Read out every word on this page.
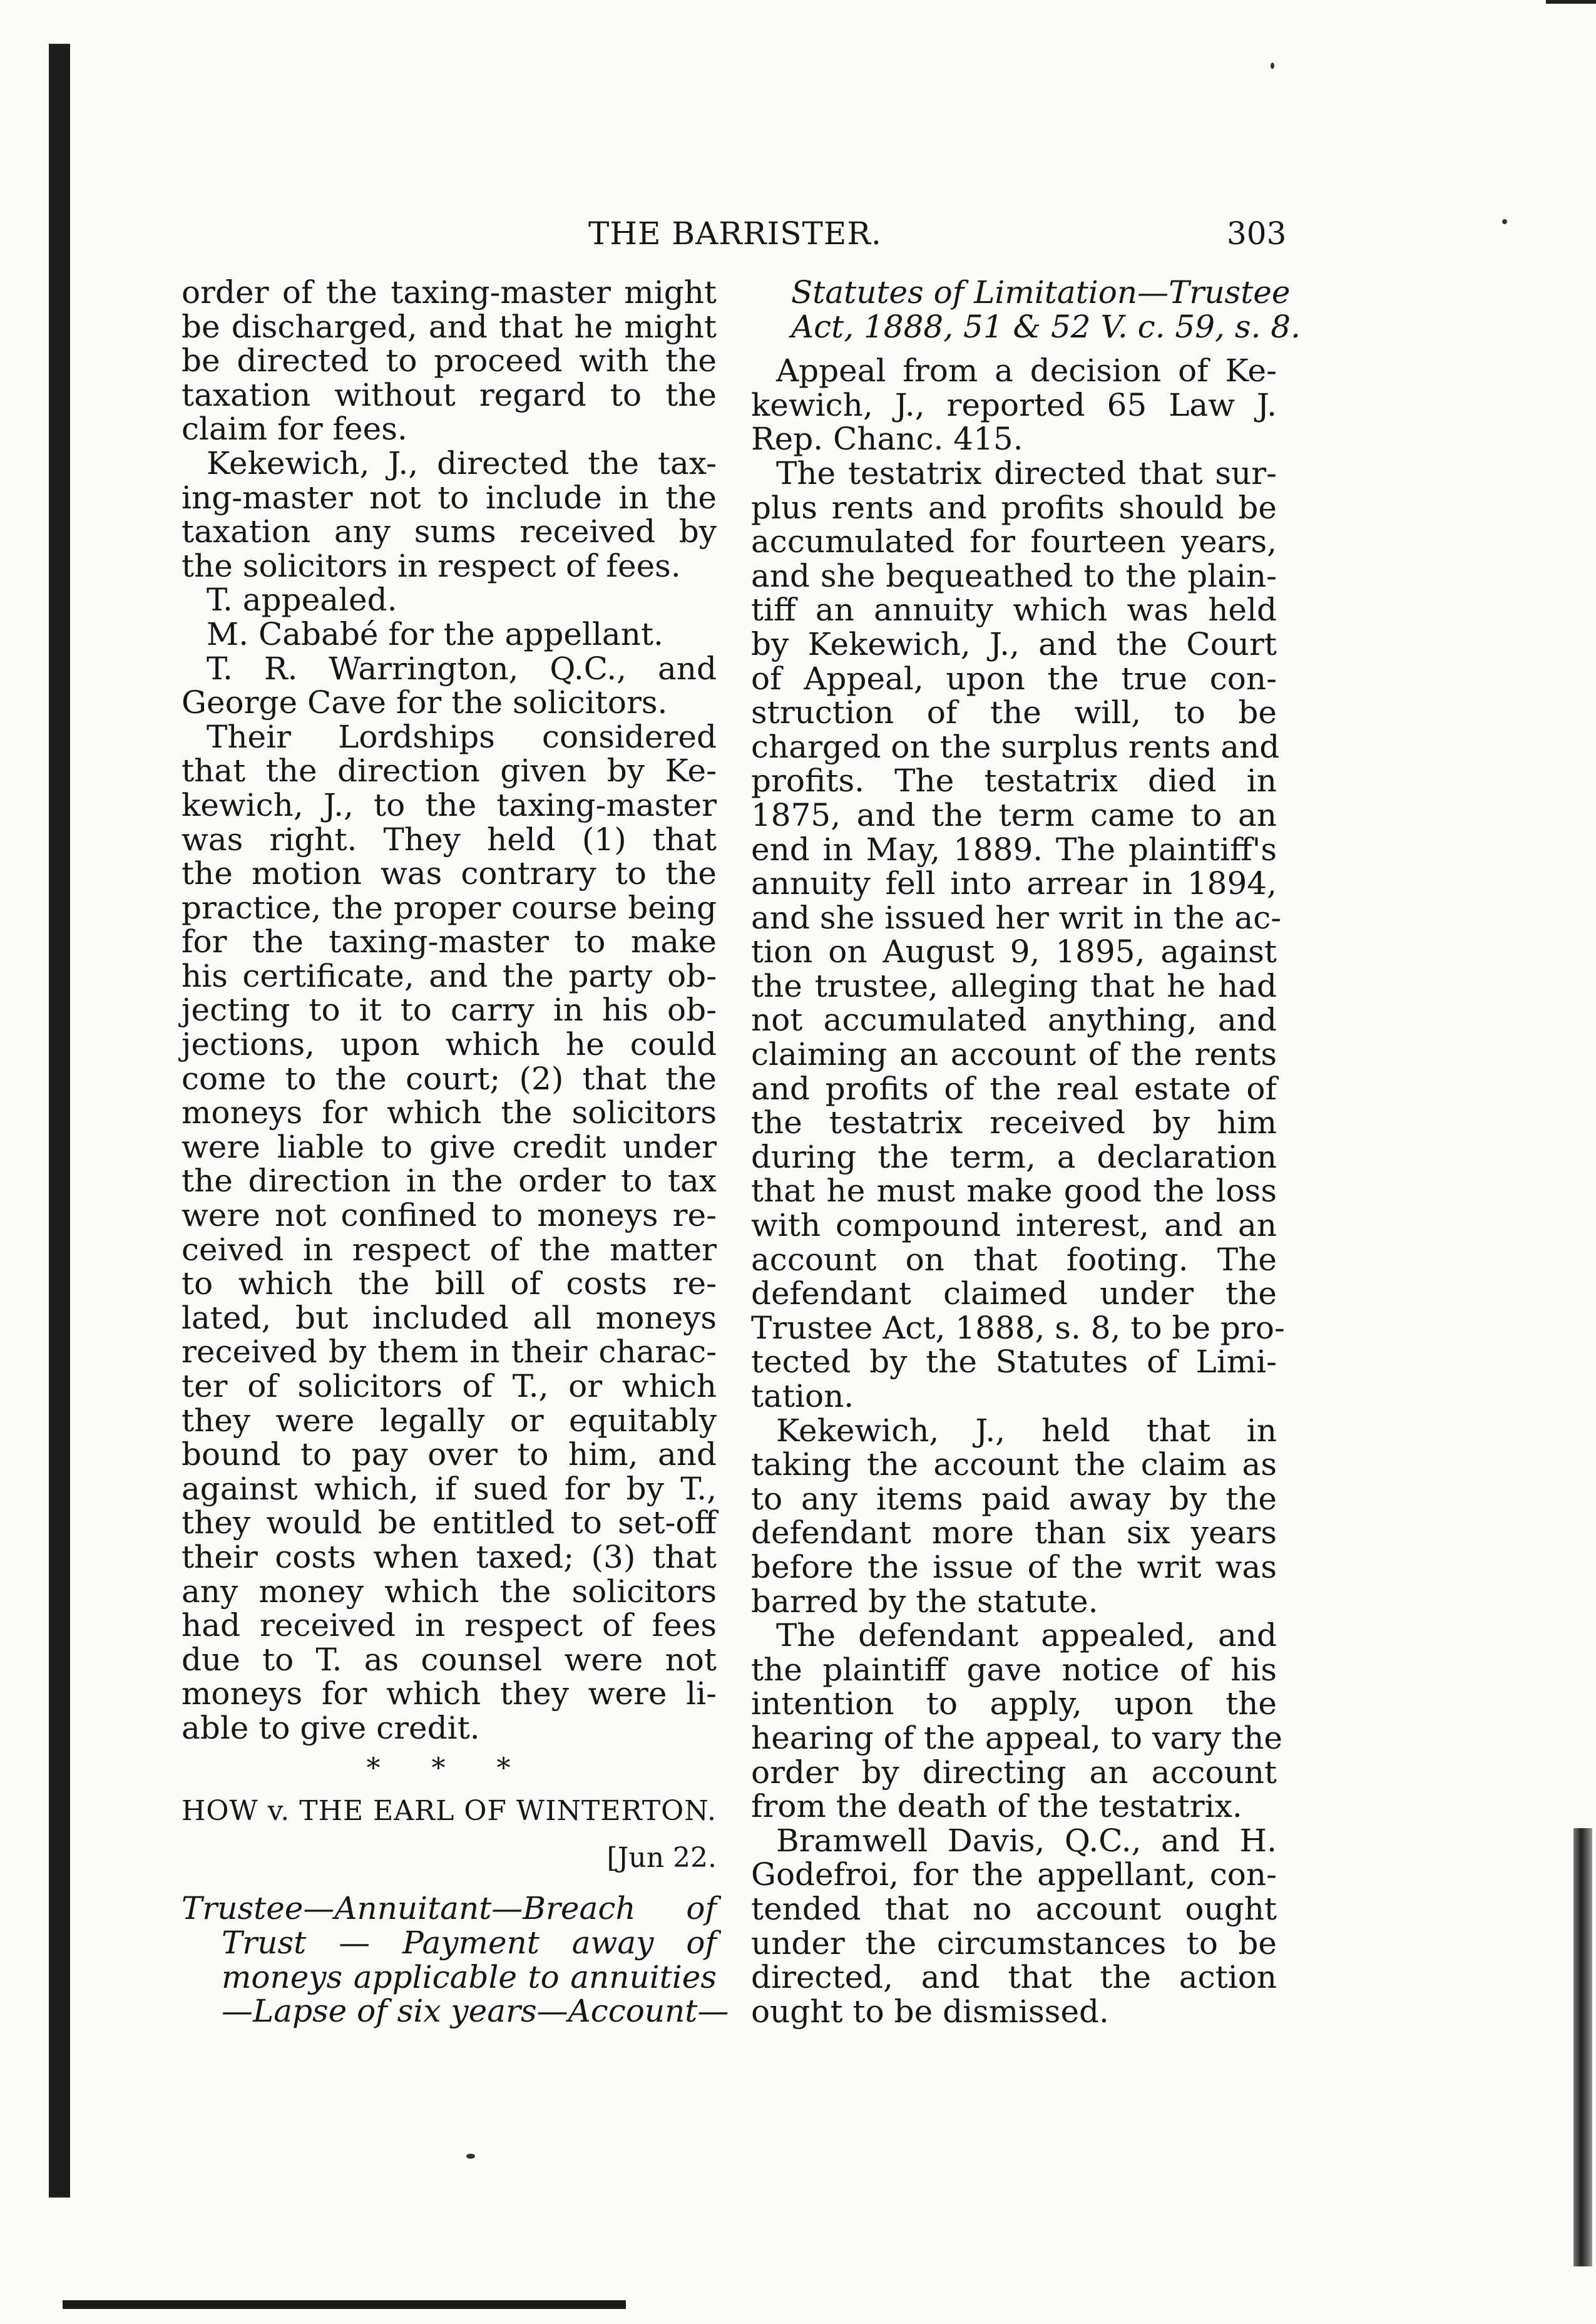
THE BARRISTER.	303
order of the taxing-master might
be discharged, and that he might
be directed to proceed with the
taxation without regard to the
claim for fees.
Kekewich, J., directed the tax-
ing-master not to include in the
taxation any sums received by
the solicitors in respect of fees.
T. appealed.
M. Cababé for the appellant.
T. R. Warrington, Q.C., and
George Cave for the solicitors.
Their Lordships considered
that the direction given by Ke-
kewich, J., to the taxing-master
was right. They held (1) that
the motion was contrary to the
practice, the proper course being
for the taxing-master to make
his certificate, and the party ob-
jecting to it to carry in his ob-
jections, upon which he could
come to the court; (2) that the
moneys for which the solicitors
were liable to give credit under
the direction in the order to tax
were not confined to moneys re-
ceived in respect of the matter
to which the bill of costs re-
lated, but included all moneys
received by them in their charac-
ter of solicitors of T., or which
they were legally or equitably
bound to pay over to him, and
against which, if sued for by T.,
they would be entitled to set-off
their costs when taxed; (3) that
any money which the solicitors
had received in respect of fees
due to T. as counsel were not
moneys for which they were li-
able to give credit.
* * *
HOW v. THE EARL OF WINTERTON.
[Jun 22.
Trustee—Annuitant—Breach of
Trust — Payment away of
moneys applicable to annuities
—Lapse of six years—Account—
Statutes of Limitation—Trustee
Act, 1888, 51 & 52 V. c. 59, s. 8.
Appeal from a decision of Ke-
kewich, J., reported 65 Law J.
Rep. Chanc. 415.
The testatrix directed that sur-
plus rents and profits should be
accumulated for fourteen years,
and she bequeathed to the plain-
tiff an annuity which was held
by Kekewich, J., and the Court
of Appeal, upon the true con-
struction of the will, to be
charged on the surplus rents and
profits. The testatrix died in
1875, and the term came to an
end in May, 1889. The plaintiff's
annuity fell into arrear in 1894,
and she issued her writ in the ac-
tion on August 9, 1895, against
the trustee, alleging that he had
not accumulated anything, and
claiming an account of the rents
and profits of the real estate of
the testatrix received by him
during the term, a declaration
that he must make good the loss
with compound interest, and an
account on that footing. The
defendant claimed under the
Trustee Act, 1888, s. 8, to be pro-
tected by the Statutes of Limi-
tation.
Kekewich, J., held that in
taking the account the claim as
to any items paid away by the
defendant more than six years
before the issue of the writ was
barred by the statute.
The defendant appealed, and
the plaintiff gave notice of his
intention to apply, upon the
hearing of the appeal, to vary the
order by directing an account
from the death of the testatrix.
Bramwell Davis, Q.C., and H.
Godefroi, for the appellant, con-
tended that no account ought
under the circumstances to be
directed, and that the action
ought to be dismissed.
